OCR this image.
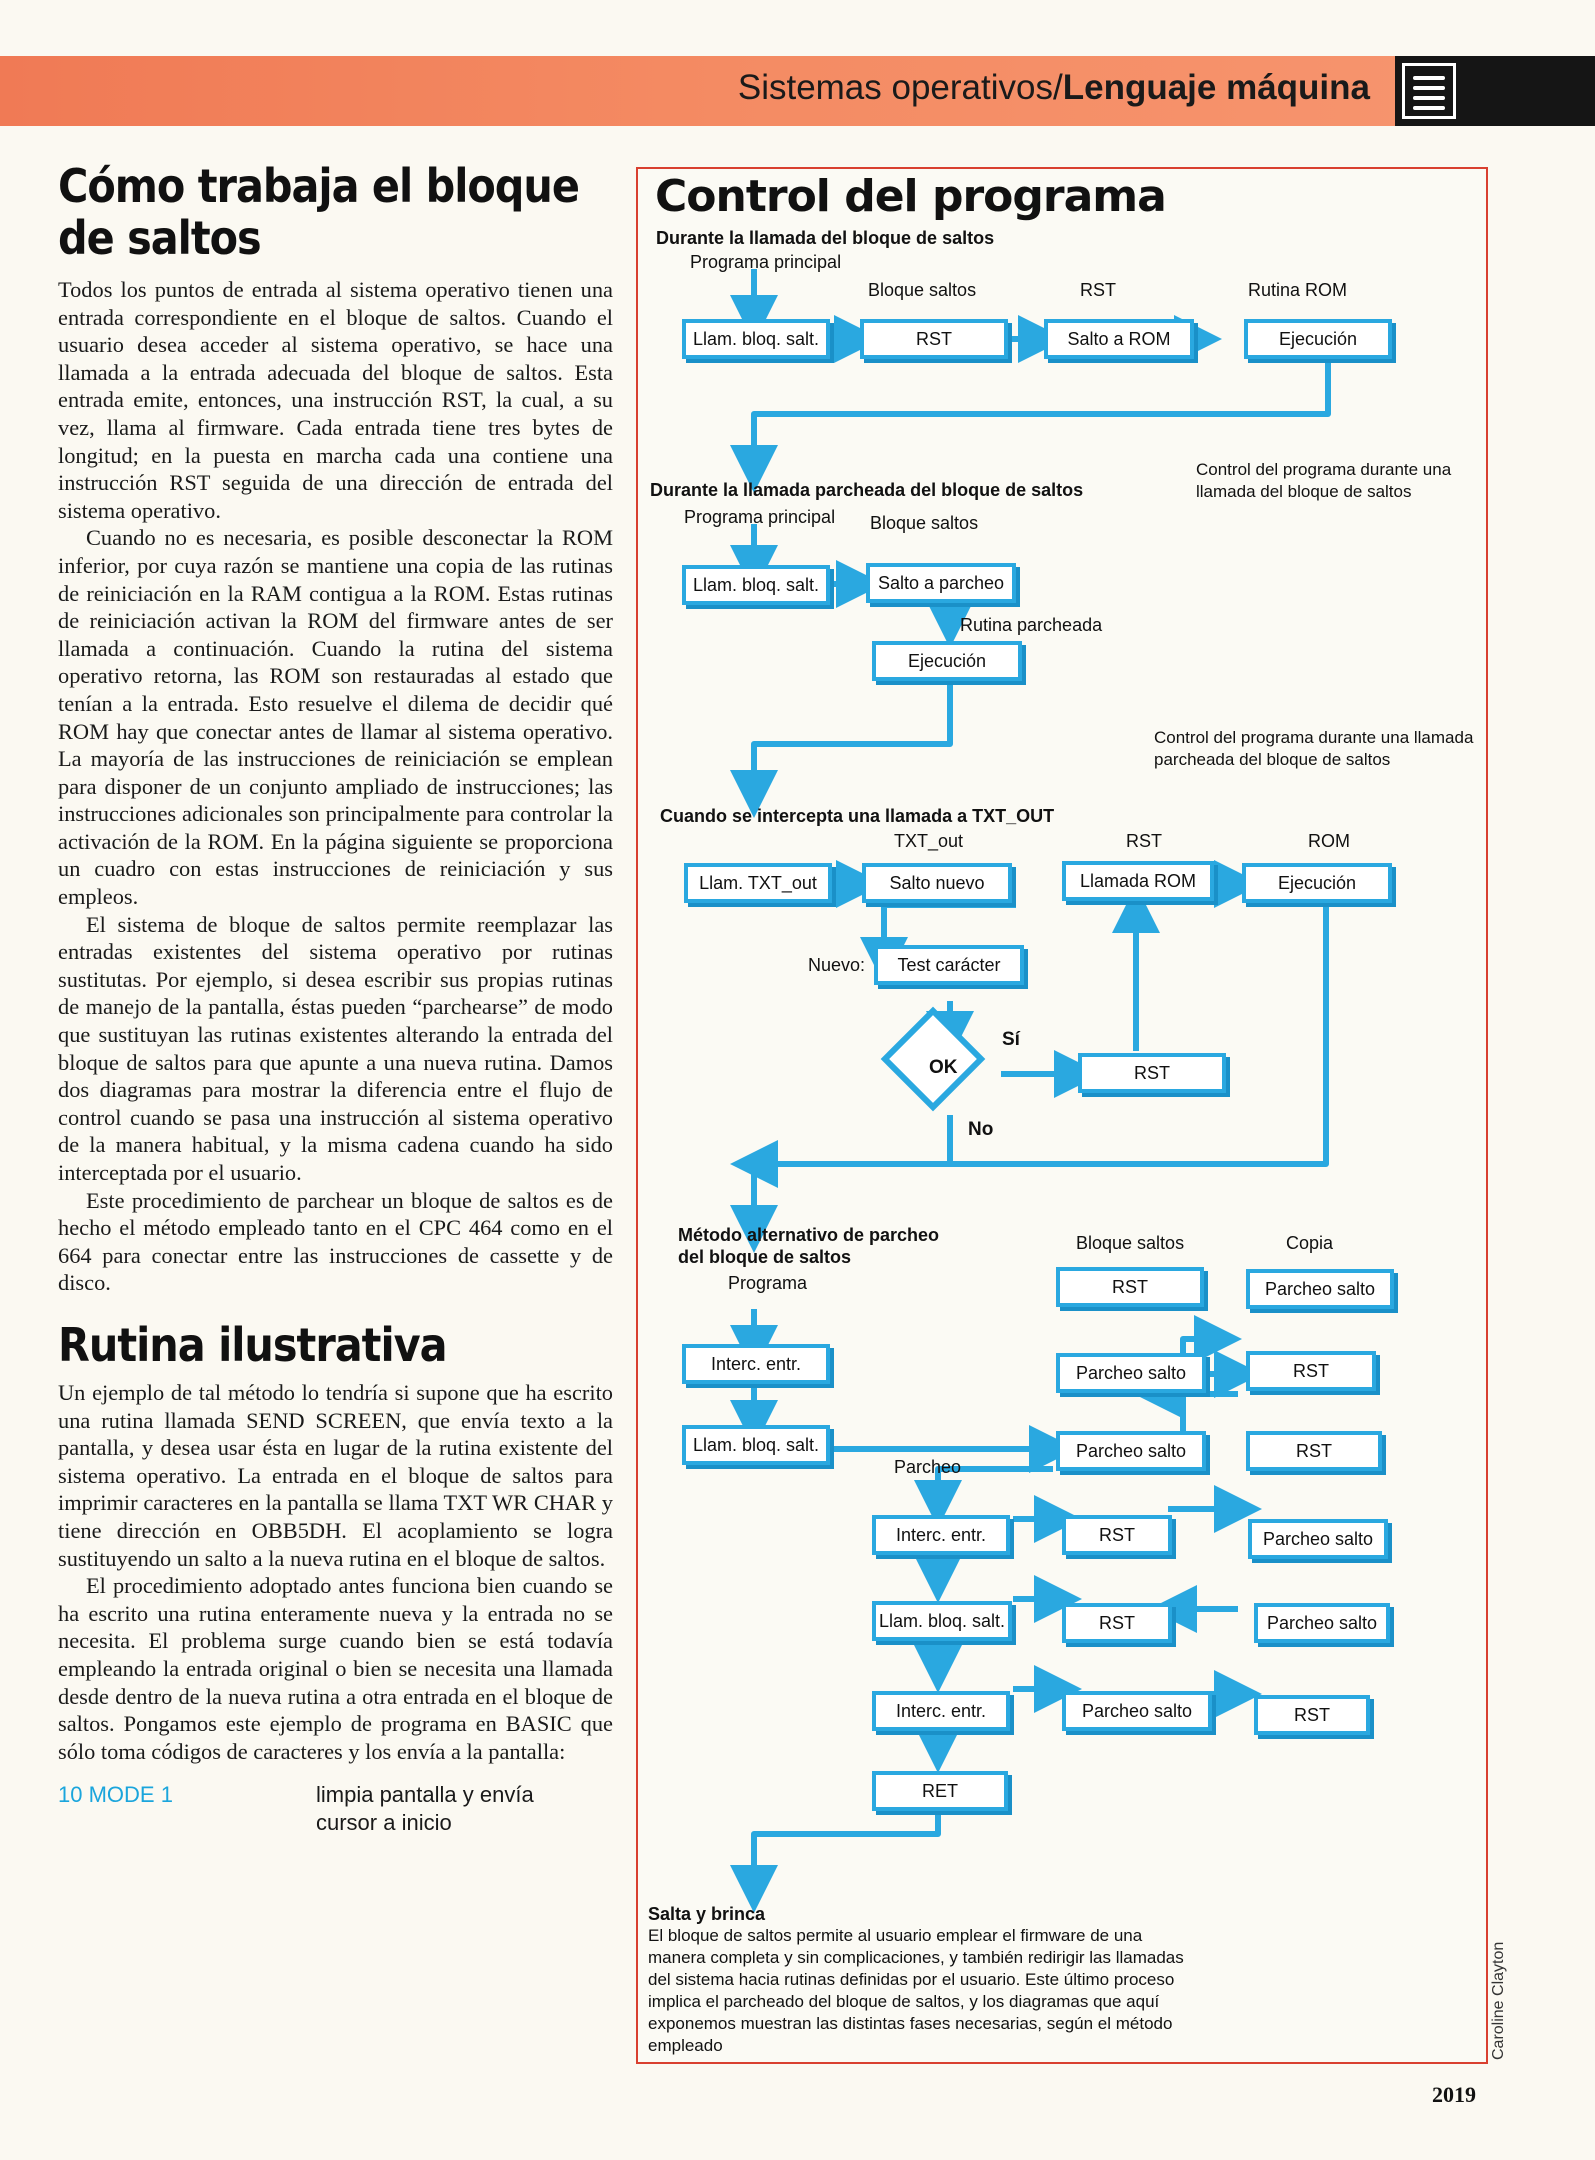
Sistemas operativos/Lenguaje máquina
Cómo trabaja el bloque de saltos

Todos los puntos de entrada al sistema operativo tienen una entrada correspondiente en el bloque de saltos. Cuando el usuario desea acceder al sistema operativo, se hace una llamada a la entrada adecuada del bloque de saltos. Esta entrada emite, entonces, una instrucción RST, la cual, a su vez, llama al firmware. Cada entrada tiene tres bytes de longitud; en la puesta en marcha cada una contiene una instrucción RST seguida de una dirección de entrada del sistema operativo.

Cuando no es necesaria, es posible desconectar la ROM inferior, por cuya razón se mantiene una copia de las rutinas de reiniciación en la RAM contigua a la ROM. Estas rutinas de reiniciación activan la ROM del firmware antes de ser llamada a continuación. Cuando la rutina del sistema operativo retorna, las ROM son restauradas al estado que tenían a la entrada. Esto resuelve el dilema de decidir qué ROM hay que conectar antes de llamar al sistema operativo. La mayoría de las instrucciones de reiniciación se emplean para disponer de un conjunto ampliado de instrucciones; las instrucciones adicionales son principalmente para controlar la activación de la ROM. En la página siguiente se proporciona un cuadro con estas instrucciones de reiniciación y sus empleos.

El sistema de bloque de saltos permite reemplazar las entradas existentes del sistema operativo por rutinas sustitutas. Por ejemplo, si desea escribir sus propias rutinas de manejo de la pantalla, éstas pueden “parchearse” de modo que sustituyan las rutinas existentes alterando la entrada del bloque de saltos para que apunte a una nueva rutina. Damos dos diagramas para mostrar la diferencia entre el flujo de control cuando se pasa una instrucción al sistema operativo de la manera habitual, y la misma cadena cuando ha sido interceptada por el usuario.

Este procedimiento de parchear un bloque de saltos es de hecho el método empleado tanto en el CPC 464 como en el 664 para conectar entre las instrucciones de cassette y de disco.

Rutina ilustrativa

Un ejemplo de tal método lo tendría si supone que ha escrito una rutina llamada SEND SCREEN, que envía texto a la pantalla, y desea usar ésta en lugar de la rutina existente del sistema operativo. La entrada en el bloque de saltos para imprimir caracteres en la pantalla se llama TXT WR CHAR y tiene dirección en OBB5DH. El acoplamiento se logra sustituyendo un salto a la nueva rutina en el bloque de saltos.

El procedimiento adoptado antes funciona bien cuando se ha escrito una rutina enteramente nueva y la entrada no se necesita. El problema surge cuando bien se está todavía empleando la entrada original o bien se necesita una llamada desde dentro de la nueva rutina a otra entrada en el bloque de saltos. Pongamos este ejemplo de programa en BASIC que sólo toma códigos de caracteres y los envía a la pantalla:

10 MODE 1	limpia pantalla y envía cursor a inicio
Control del programa
Durante la llamada del bloque de saltos
Programa principal
Bloque saltos	RST	Rutina ROM
Llam. bloq. salt.	RST	Salto a ROM	Ejecución
Control del programa durante una llamada del bloque de saltos
Durante la llamada parcheada del bloque de saltos
Programa principal Bloque saltos
Rutina parcheada
Llam. bloq. salt.	Salto a parcheo
Ejecución
Control del programa durante una llamada parcheada del bloque de saltos
Cuando se intercepta una llamada a TXT_OUT
TXT_out	RST	ROM
Nuevo:
Llam. TXT_out	Salto nuevo	Llamada ROM	Ejecución
Test carácter
RST
OK
Sí
No
Método alternativo de parcheo del bloque de saltos
Programa
Bloque saltos	Copia
Parcheo
RST	Parcheo salto
Interc. entr.	Parcheo salto	RST
Llam. bloq. salt.	Parcheo salto	RST
Interc. entr.	RST	Parcheo salto
Llam. bloq. salt.	RST	Parcheo salto
Interc. entr.	Parcheo salto	RST
RET
Salta y brinca
El bloque de saltos permite al usuario emplear el firmware de una manera completa y sin complicaciones, y también redirigir las llamadas del sistema hacia rutinas definidas por el usuario. Este último proceso implica el parcheado del bloque de saltos, y los diagramas que aquí exponemos muestran las distintas fases necesarias, según el método empleado	Caroline Clayton
2019
